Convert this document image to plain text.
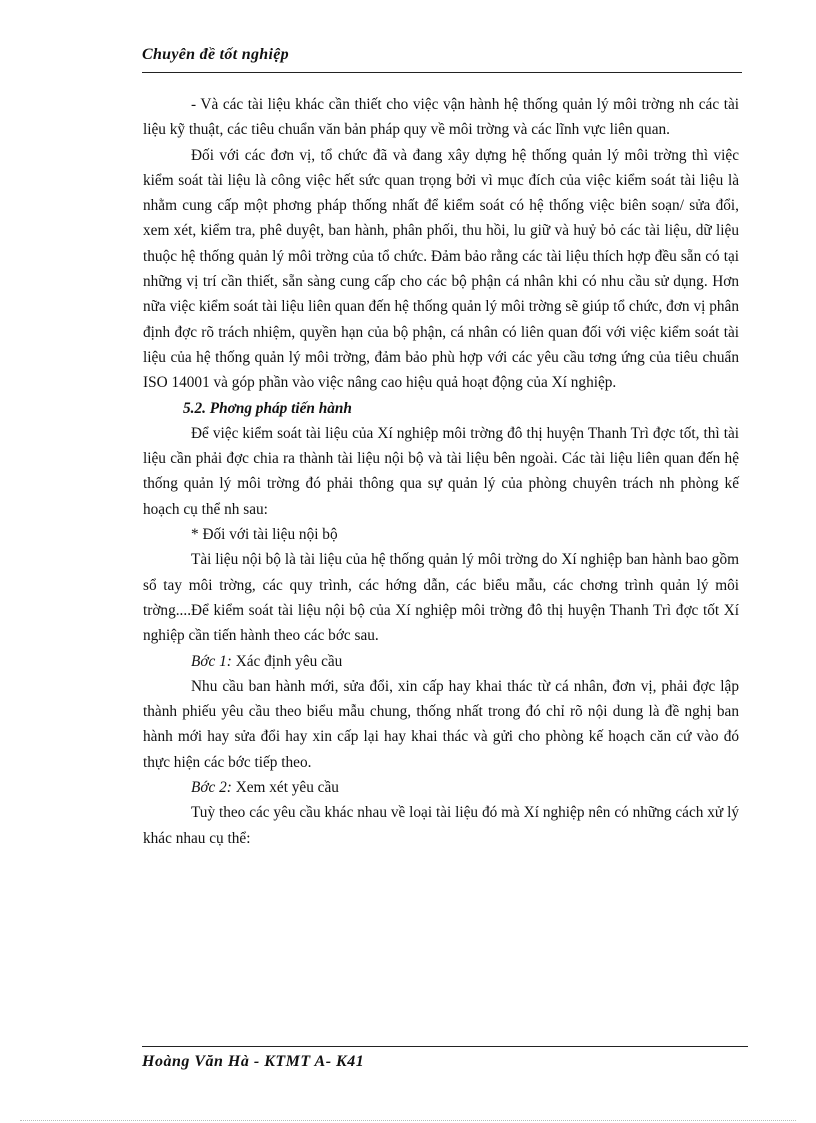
Chuyên đề tốt nghiệp

- Và các tài liệu khác cần thiết cho việc vận hành hệ thống quản lý môi trờng nh các tài liệu kỹ thuật, các tiêu chuẩn văn bản pháp quy về môi trờng và các lĩnh vực liên quan.

Đối với các đơn vị, tổ chức đã và đang xây dựng hệ thống quản lý môi trờng thì việc kiểm soát tài liệu là công việc hết sức quan trọng bởi vì mục đích của việc kiểm soát tài liệu là nhằm cung cấp một phơng pháp thống nhất để kiểm soát có hệ thống việc biên soạn/ sửa đổi, xem xét, kiểm tra, phê duyệt, ban hành, phân phối, thu hồi, lu giữ và huỷ bỏ các tài liệu, dữ liệu thuộc hệ thống quản lý môi trờng của tổ chức. Đảm bảo rằng các tài liệu thích hợp đều sẵn có tại những vị trí cần thiết, sẵn sàng cung cấp cho các bộ phận cá nhân khi có nhu cầu sử dụng. Hơn nữa việc kiểm soát tài liệu liên quan đến hệ thống quản lý môi trờng sẽ giúp tổ chức, đơn vị phân định đợc rõ trách nhiệm, quyền hạn của bộ phận, cá nhân có liên quan đối với việc kiểm soát tài liệu của hệ thống quản lý môi trờng, đảm bảo phù hợp với các yêu cầu tơng ứng của tiêu chuẩn ISO 14001 và góp phần vào việc nâng cao hiệu quả hoạt động của Xí nghiệp.

5.2. Phơng pháp tiến hành

Để việc kiểm soát tài liệu của Xí nghiệp môi trờng đô thị huyện Thanh Trì đợc tốt, thì tài liệu cần phải đợc chia ra thành tài liệu nội bộ và tài liệu bên ngoài. Các tài liệu liên quan đến hệ thống quản lý môi trờng đó phải thông qua sự quản lý của phòng chuyên trách nh phòng kế hoạch cụ thể nh sau:

* Đối với tài liệu nội bộ

Tài liệu nội bộ là tài liệu của hệ thống quản lý môi trờng do Xí nghiệp ban hành bao gồm sổ tay môi trờng, các quy trình, các hớng dẫn, các biểu mẫu, các chơng trình quản lý môi trờng....Để kiểm soát tài liệu nội bộ của Xí nghiệp môi trờng đô thị huyện Thanh Trì đợc tốt Xí nghiệp cần tiến hành theo các bớc sau.

Bớc 1: Xác định yêu cầu

Nhu cầu ban hành mới, sửa đổi, xin cấp hay khai thác từ cá nhân, đơn vị, phải đợc lập thành phiếu yêu cầu theo biểu mẫu chung, thống nhất trong đó chỉ rõ nội dung là đề nghị ban hành mới hay sửa đổi hay xin cấp lại hay khai thác và gửi cho phòng kế hoạch căn cứ vào đó thực hiện các bớc tiếp theo.

Bớc 2: Xem xét yêu cầu

Tuỳ theo các yêu cầu khác nhau về loại tài liệu đó mà Xí nghiệp nên có những cách xử lý khác nhau cụ thể:

Hoàng Văn Hà - KTMT A- K41
